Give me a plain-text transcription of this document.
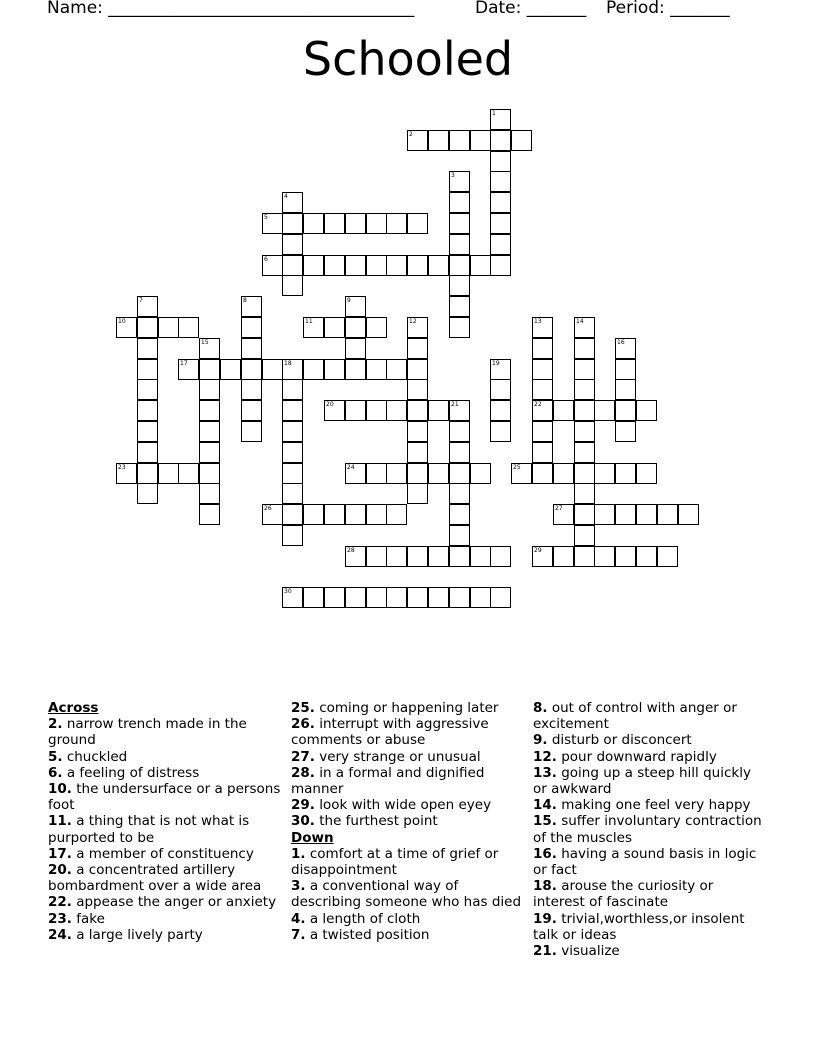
Name: ____________________________________	Date: _______ Period: _______
Schooled
1
2
3
4
5
6
7	8	9
10	11	12	13	14
15	16
17	18	19
20	21	22
23	24	25
26	27
28	29
30
Across
2. narrow trench made in the ground
5. chuckled
6. a feeling of distress
10. the undersurface or a persons foot
11. a thing that is not what is purported to be
17. a member of constituency
20. a concentrated artillery bombardment over a wide area
22. appease the anger or anxiety
23. fake
24. a large lively party
25. coming or happening later
26. interrupt with aggressive comments or abuse
27. very strange or unusual
28. in a formal and dignified manner
29. look with wide open eyey
30. the furthest point
Down
1. comfort at a time of grief or disappointment
3. a conventional way of describing someone who has died
4. a length of cloth
7. a twisted position
8. out of control with anger or excitement
9. disturb or disconcert
12. pour downward rapidly
13. going up a steep hill quickly or awkward
14. making one feel very happy
15. suffer involuntary contraction of the muscles
16. having a sound basis in logic or fact
18. arouse the curiosity or interest of fascinate
19. trivial,worthless,or insolent talk or ideas
21. visualize
